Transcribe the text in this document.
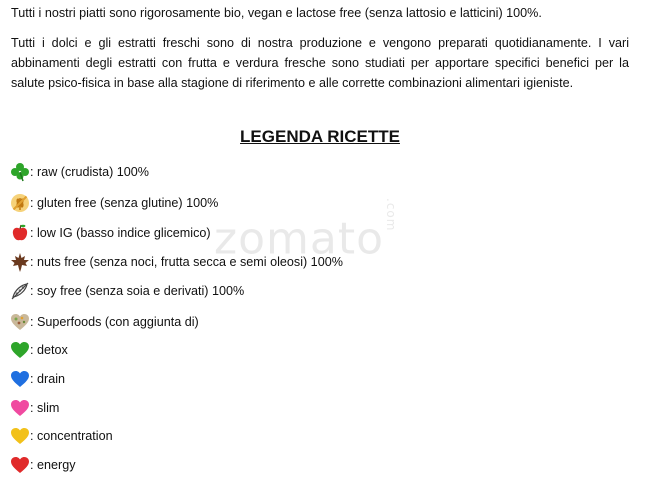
Tutti i nostri piatti sono rigorosamente bio, vegan e lactose free (senza lattosio e latticini) 100%.

Tutti i dolci e gli estratti freschi sono di nostra produzione e vengono preparati quotidianamente. I vari abbinamenti degli estratti con frutta e verdura fresche sono studiati per apportare specifici benefici per la salute psico-fisica in base alla stagione di riferimento e alle corrette combinazioni alimentari igieniste.

zomato$^{.com}$
LEGENDA RICETTE
: raw (crudista) 100%
: gluten free (senza glutine) 100%
: low IG (basso indice glicemico)
: nuts free (senza noci, frutta secca e semi oleosi) 100%
: soy free (senza soia e derivati) 100%
: Superfoods (con aggiunta di)
: detox
: drain
: slim
: concentration
: energy
